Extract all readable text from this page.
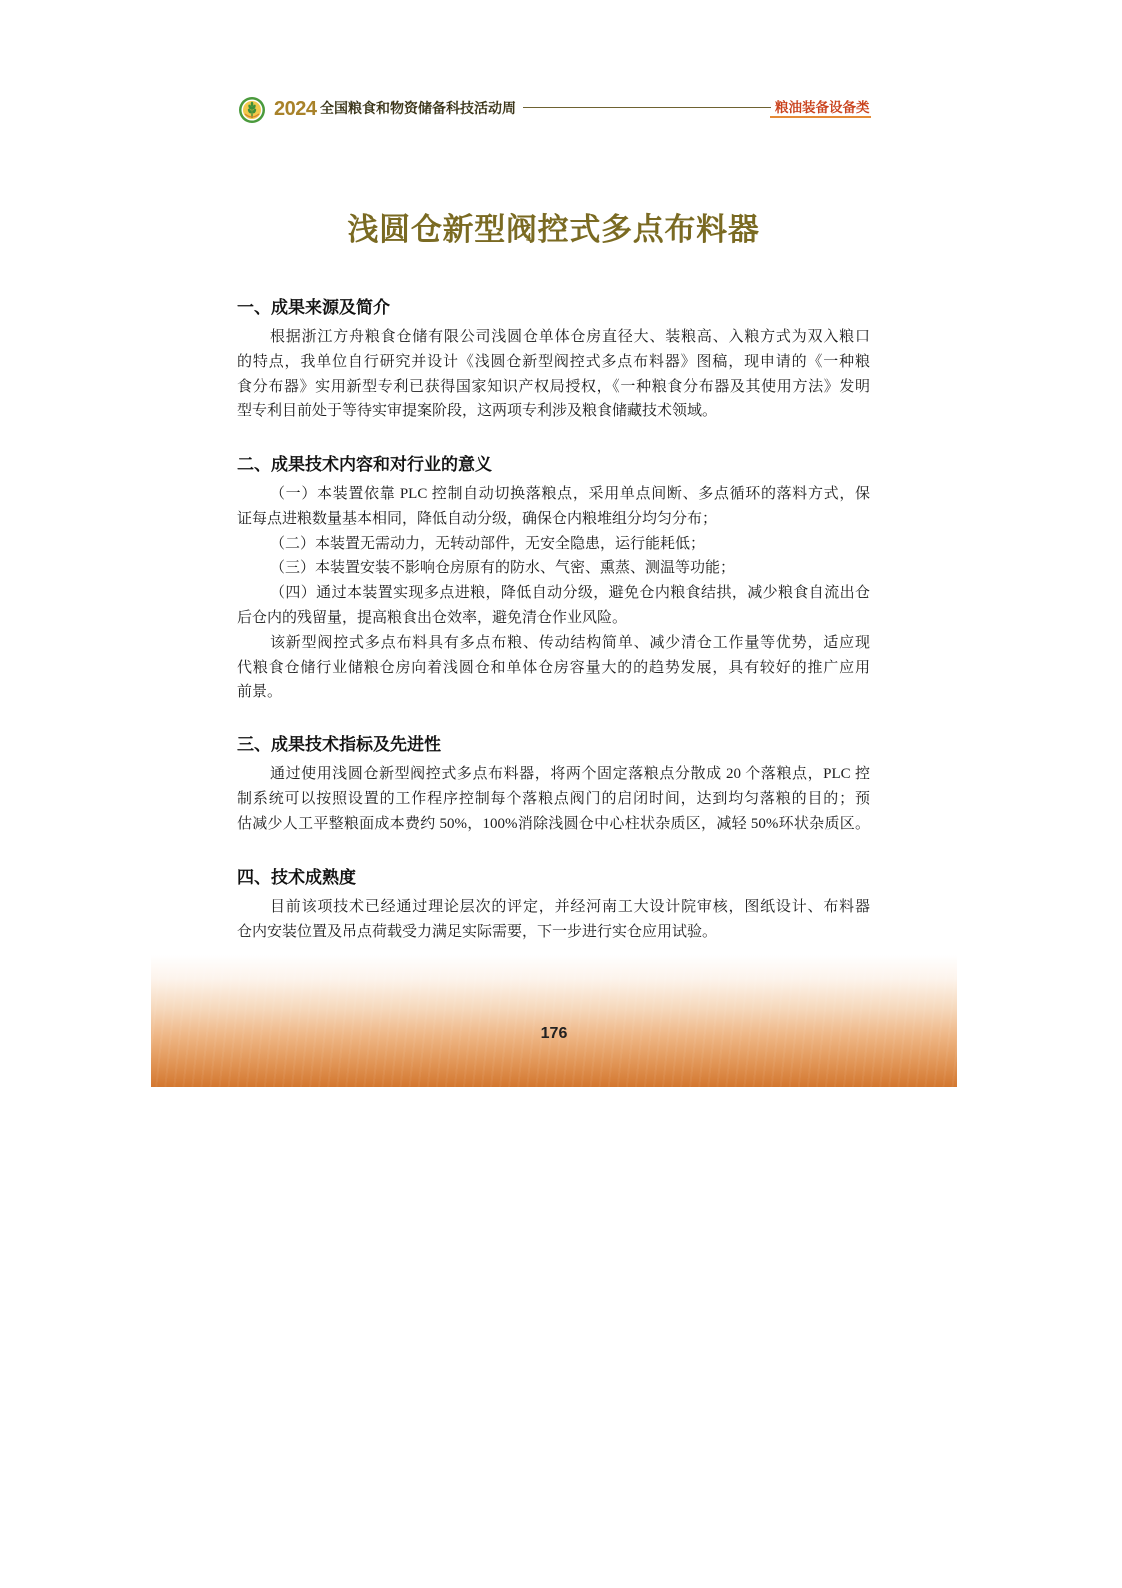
2024 全国粮食和物资储备科技活动周	粮油装备设备类
浅圆仓新型阀控式多点布料器
一、成果来源及简介
根据浙江方舟粮食仓储有限公司浅圆仓单体仓房直径大、装粮高、入粮方式为双入粮口
的特点，我单位自行研究并设计《浅圆仓新型阀控式多点布料器》图稿，现申请的《一种粮
食分布器》实用新型专利已获得国家知识产权局授权，《一种粮食分布器及其使用方法》发明
型专利目前处于等待实审提案阶段，这两项专利涉及粮食储藏技术领域。
二、成果技术内容和对行业的意义
（一）本装置依靠 PLC 控制自动切换落粮点，采用单点间断、多点循环的落料方式，保
证每点进粮数量基本相同，降低自动分级，确保仓内粮堆组分均匀分布；
（二）本装置无需动力，无转动部件，无安全隐患，运行能耗低；
（三）本装置安装不影响仓房原有的防水、气密、熏蒸、测温等功能；
（四）通过本装置实现多点进粮，降低自动分级，避免仓内粮食结拱，减少粮食自流出仓
后仓内的残留量，提高粮食出仓效率，避免清仓作业风险。
该新型阀控式多点布料具有多点布粮、传动结构简单、减少清仓工作量等优势，适应现
代粮食仓储行业储粮仓房向着浅圆仓和单体仓房容量大的的趋势发展，具有较好的推广应用
前景。
三、成果技术指标及先进性
通过使用浅圆仓新型阀控式多点布料器，将两个固定落粮点分散成 20 个落粮点，PLC 控
制系统可以按照设置的工作程序控制每个落粮点阀门的启闭时间，达到均匀落粮的目的；预
估减少人工平整粮面成本费约 50%，100%消除浅圆仓中心柱状杂质区，减轻 50%环状杂质区。
四、技术成熟度
目前该项技术已经通过理论层次的评定，并经河南工大设计院审核，图纸设计、布料器
仓内安装位置及吊点荷载受力满足实际需要，下一步进行实仓应用试验。
176
